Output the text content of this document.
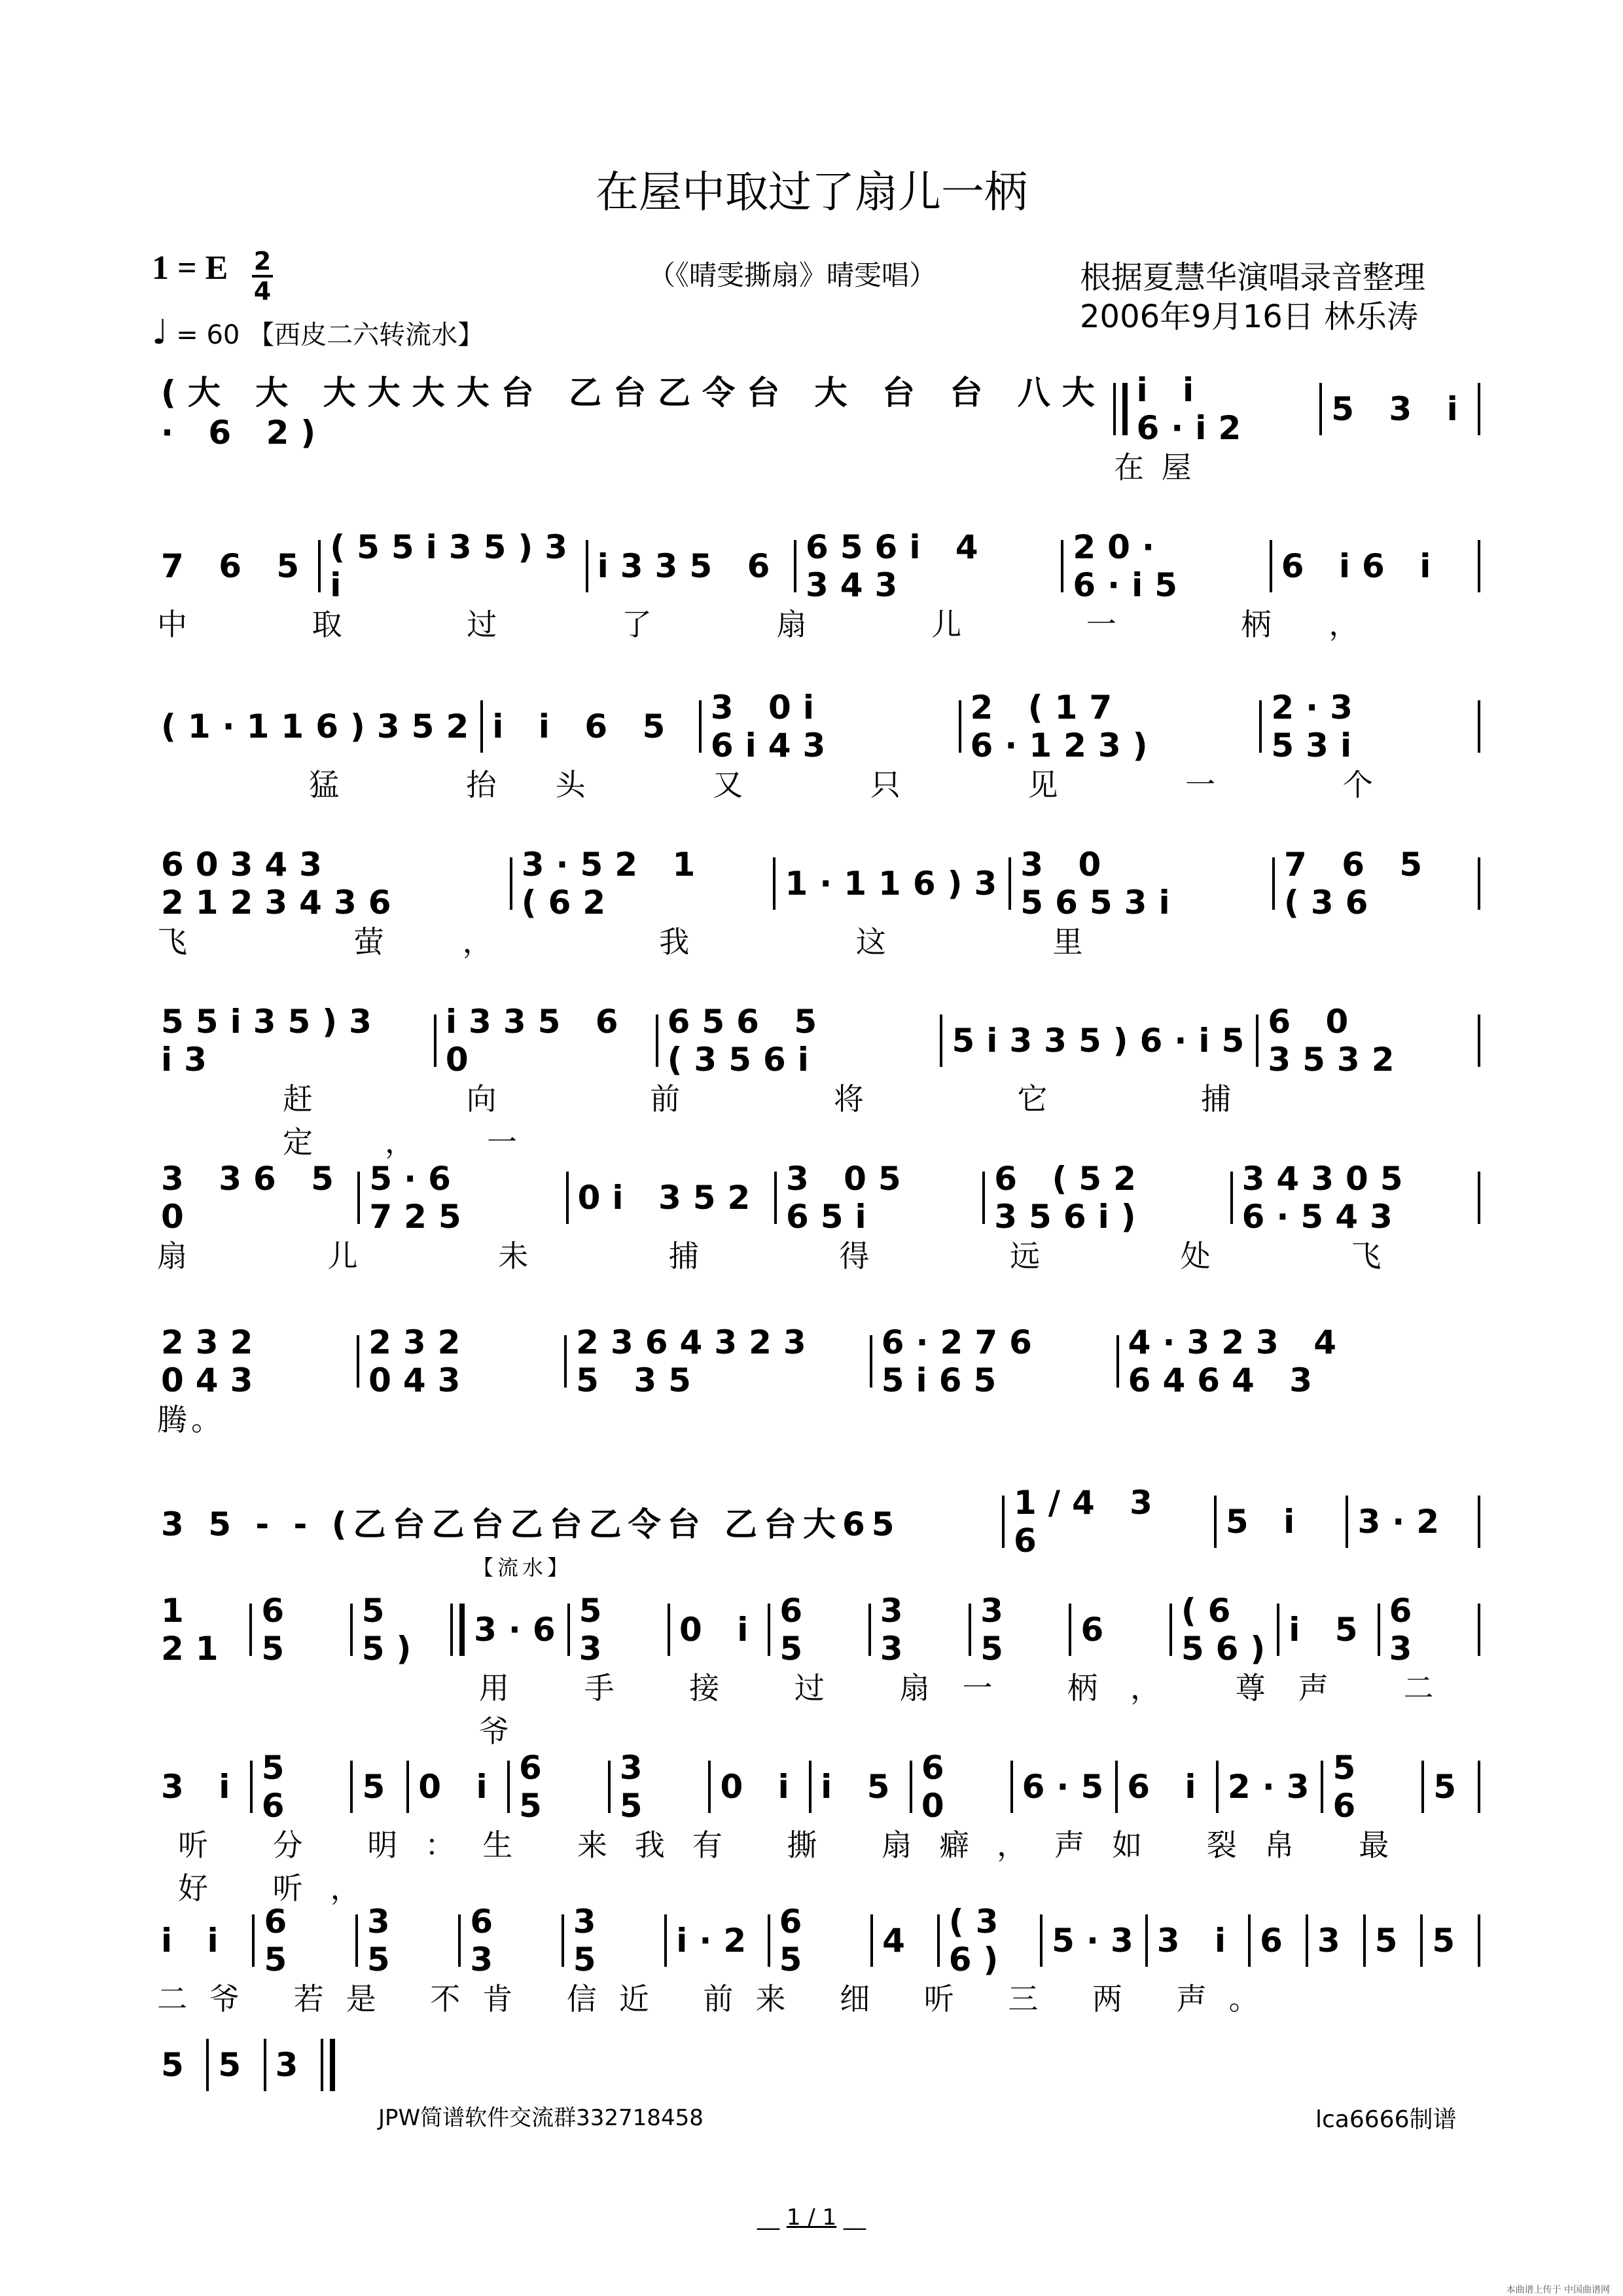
在屋中取过了扇儿一柄
1 = E 2
4
♩ = 60 【西皮二六转流水】
（《晴雯撕扇》晴雯唱）	根据夏慧华演唱录音整理
2006年9月16日 林乐涛
(大 大 大大大大台 乙台乙令台 大 台 台 八大· 6 2)
i i 6·i2	5 3 i
在 屋
7 6 5 (55i35)3 i	i335 6 656i 4 343
20· 6·i5	6 i6 i
中 取 过 了 扇 儿 一 柄，
(1·116)352 i i 6 5	3 0i 6i43
2 (17 6·123)
2·3 53i
猛 抬头 又 只 见 一 个
60343 2123436
3·52 1 (62	1·116)3 3 0 5653i
7 6 5 (36
飞 萤， 我 这 里
55i35)3 i3
i335 6 0
656 5 (356i	5i335)6·i5 6 0 3532
赶 向 前 将 它 捕 定，一
3 36 5 0
5·6 725	0i 352 3 05 65i
6 (52 356i)
34305 6·543
扇 儿 未 捕 得 远 处 飞
232 043
232 043
2364323 5 35
6·276 5i65
4·323 4 6464 3
腾。
3 5 - - (乙台乙台乙台乙令台 乙台大65
1/4 3 6	5 i	3·2
【流水】
1 21
6 5
5 5)	3·6 5 3	0 i 6 5
3 3
3 5	6	(6 56) i 5 6 3
用 手 接 过 扇一 柄， 尊声 二爷
3 i 5 6	5 0 i 6 5
3 5	0 i i 5 6 0	6·5 6 i 2·3 5 6	5
听 分 明：生 来我有 撕 扇癖，声如 裂帛 最 好 听，
i i	6 5
3 5
6 3
3 5	i·2 6 5	4 (3 6)	5·3 3 i 6 3 5 5
二爷 若是 不肯 信近 前来 细 听 三 两 声。
5 5 3
JPW简谱软件交流群332718458	lca6666制谱
__ 1 / 1 __
本曲谱上传于 中国曲谱网
